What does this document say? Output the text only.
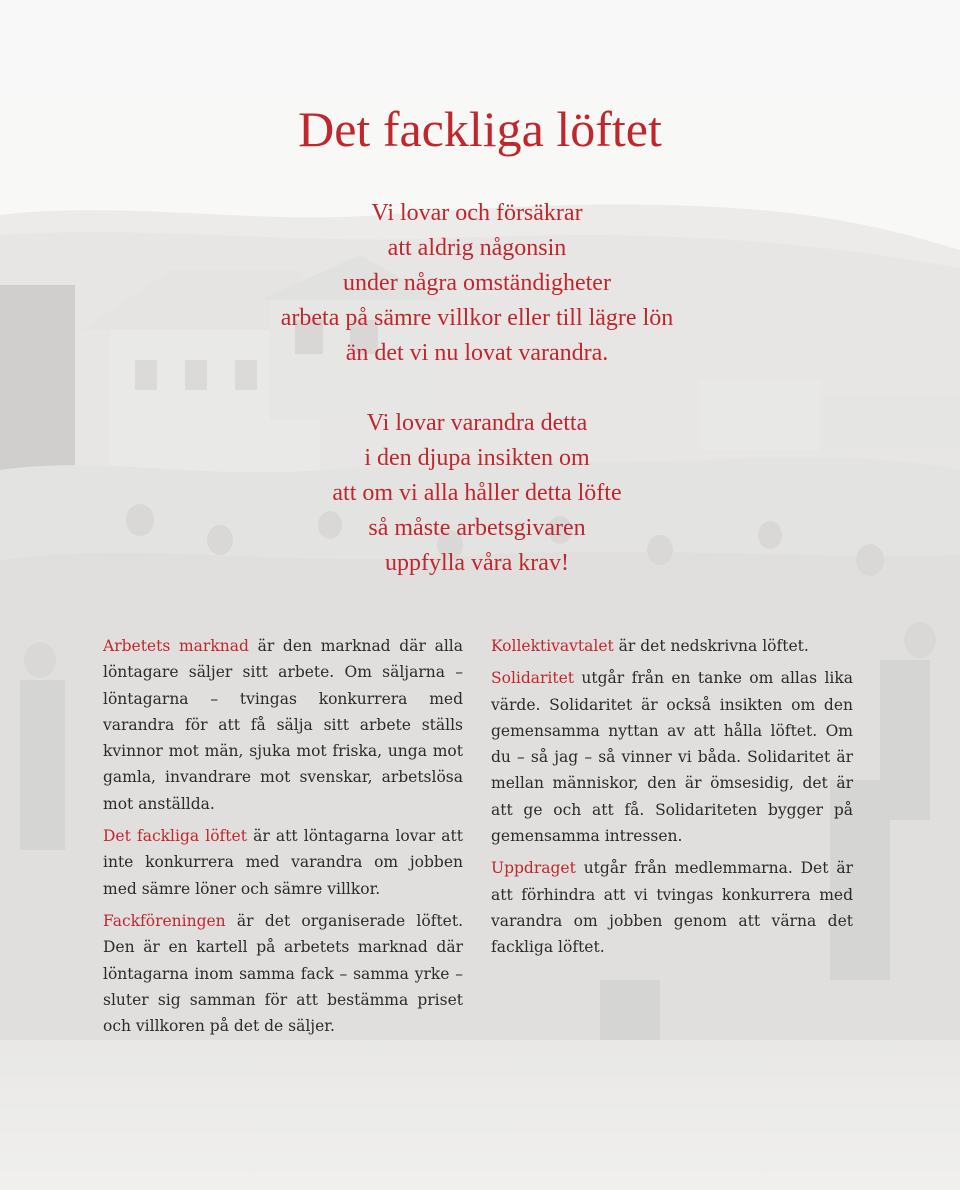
Det fackliga löftet
Vi lovar och försäkrar
att aldrig någonsin
under några omständigheter
arbeta på sämre villkor eller till lägre lön
än det vi nu lovat varandra.
Vi lovar varandra detta
i den djupa insikten om
att om vi alla håller detta löfte
så måste arbetsgivaren
uppfylla våra krav!

Arbetets marknad är den marknad där alla löntagare säljer sitt arbete. Om säljarna – löntagarna – tvingas konkurrera med varandra för att få sälja sitt arbete ställs kvinnor mot män, sjuka mot friska, unga mot gamla, invandrare mot svenskar, arbetslösa mot anställda.

Det fackliga löftet är att löntagarna lovar att inte konkurrera med varandra om jobben med sämre löner och sämre villkor.

Fackföreningen är det organiserade löftet. Den är en kartell på arbetets marknad där löntagarna inom samma fack – samma yrke – sluter sig samman för att bestämma priset och villkoren på det de säljer.

Kollektivavtalet är det nedskrivna löftet.

Solidaritet utgår från en tanke om allas lika värde. Solidaritet är också insikten om den gemensamma nyttan av att hålla löftet. Om du – så jag – så vinner vi båda. Solidaritet är mellan människor, den är ömsesidig, det är att ge och att få. Solidariteten bygger på gemensamma intressen.

Uppdraget utgår från medlemmarna. Det är att förhindra att vi tvingas konkurrera med varandra om jobben genom att värna det fackliga löftet.
